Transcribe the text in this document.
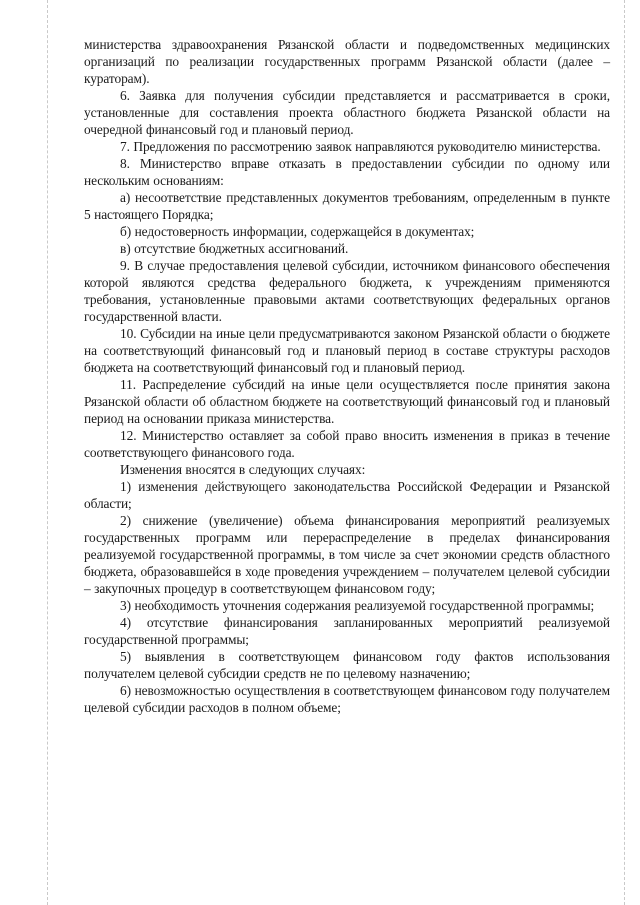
министерства здравоохранения Рязанской области и подведомственных медицинских организаций по реализации государственных программ Рязанской области (далее – кураторам).

6. Заявка для получения субсидии представляется и рассматривается в сроки, установленные для составления проекта областного бюджета Рязанской области на очередной финансовый год и плановый период.

7. Предложения по рассмотрению заявок направляются руководителю министерства.

8. Министерство вправе отказать в предоставлении субсидии по одному или нескольким основаниям:

а) несоответствие представленных документов требованиям, определенным в пункте 5 настоящего Порядка;

б) недостоверность информации, содержащейся в документах;

в) отсутствие бюджетных ассигнований.

9. В случае предоставления целевой субсидии, источником финансового обеспечения которой являются средства федерального бюджета, к учреждениям применяются требования, установленные правовыми актами соответствующих федеральных органов государственной власти.

10. Субсидии на иные цели предусматриваются законом Рязанской области о бюджете на соответствующий финансовый год и плановый период в составе структуры расходов бюджета на соответствующий финансовый год и плановый период.

11. Распределение субсидий на иные цели осуществляется после принятия закона Рязанской области об областном бюджете на соответствующий финансовый год и плановый период на основании приказа министерства.

12. Министерство оставляет за собой право вносить изменения в приказ в течение соответствующего финансового года.

Изменения вносятся в следующих случаях:

1) изменения действующего законодательства Российской Федерации и Рязанской области;

2) снижение (увеличение) объема финансирования мероприятий реализуемых государственных программ или перераспределение в пределах финансирования реализуемой государственной программы, в том числе за счет экономии средств областного бюджета, образовавшейся в ходе проведения учреждением – получателем целевой субсидии – закупочных процедур в соответствующем финансовом году;

3) необходимость уточнения содержания реализуемой государственной программы;

4) отсутствие финансирования запланированных мероприятий реализуемой государственной программы;

5) выявления в соответствующем финансовом году фактов использования получателем целевой субсидии средств не по целевому назначению;

6) невозможностью осуществления в соответствующем финансовом году получателем целевой субсидии расходов в полном объеме;
